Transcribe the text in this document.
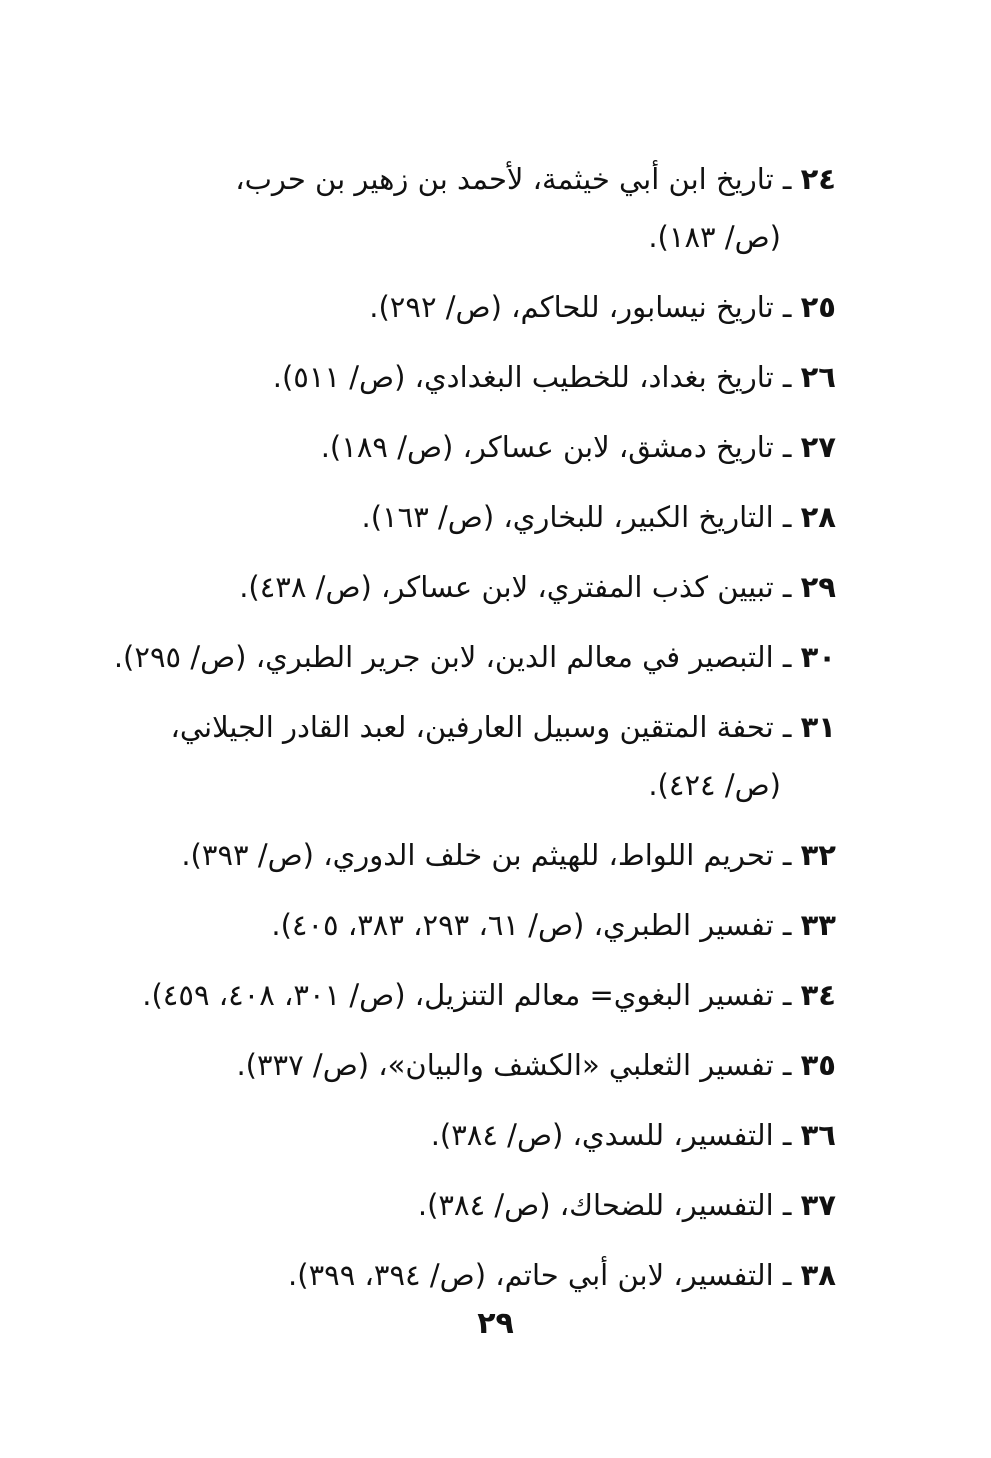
٢٤ ـ تاريخ ابن أبي خيثمة، لأحمد بن زهير بن حرب،
(ص/ ١٨٣).
٢٥ ـ تاريخ نيسابور، للحاكم، (ص/ ٢٩٢).
٢٦ ـ تاريخ بغداد، للخطيب البغدادي، (ص/ ٥١١).
٢٧ ـ تاريخ دمشق، لابن عساكر، (ص/ ١٨٩).
٢٨ ـ التاريخ الكبير، للبخاري، (ص/ ١٦٣).
٢٩ ـ تبيين كذب المفتري، لابن عساكر، (ص/ ٤٣٨).
٣٠ ـ التبصير في معالم الدين، لابن جرير الطبري، (ص/ ٢٩٥).
٣١ ـ تحفة المتقين وسبيل العارفين، لعبد القادر الجيلاني،
(ص/ ٤٢٤).
٣٢ ـ تحريم اللواط، للهيثم بن خلف الدوري، (ص/ ٣٩٣).
٣٣ ـ تفسير الطبري، (ص/ ٦١، ٢٩٣، ٣٨٣، ٤٠٥).
٣٤ ـ تفسير البغوي= معالم التنزيل، (ص/ ٣٠١، ٤٠٨، ٤٥٩).
٣٥ ـ تفسير الثعلبي «الكشف والبيان»، (ص/ ٣٣٧).
٣٦ ـ التفسير، للسدي، (ص/ ٣٨٤).
٣٧ ـ التفسير، للضحاك، (ص/ ٣٨٤).
٣٨ ـ التفسير، لابن أبي حاتم، (ص/ ٣٩٤، ٣٩٩).
٢٩
